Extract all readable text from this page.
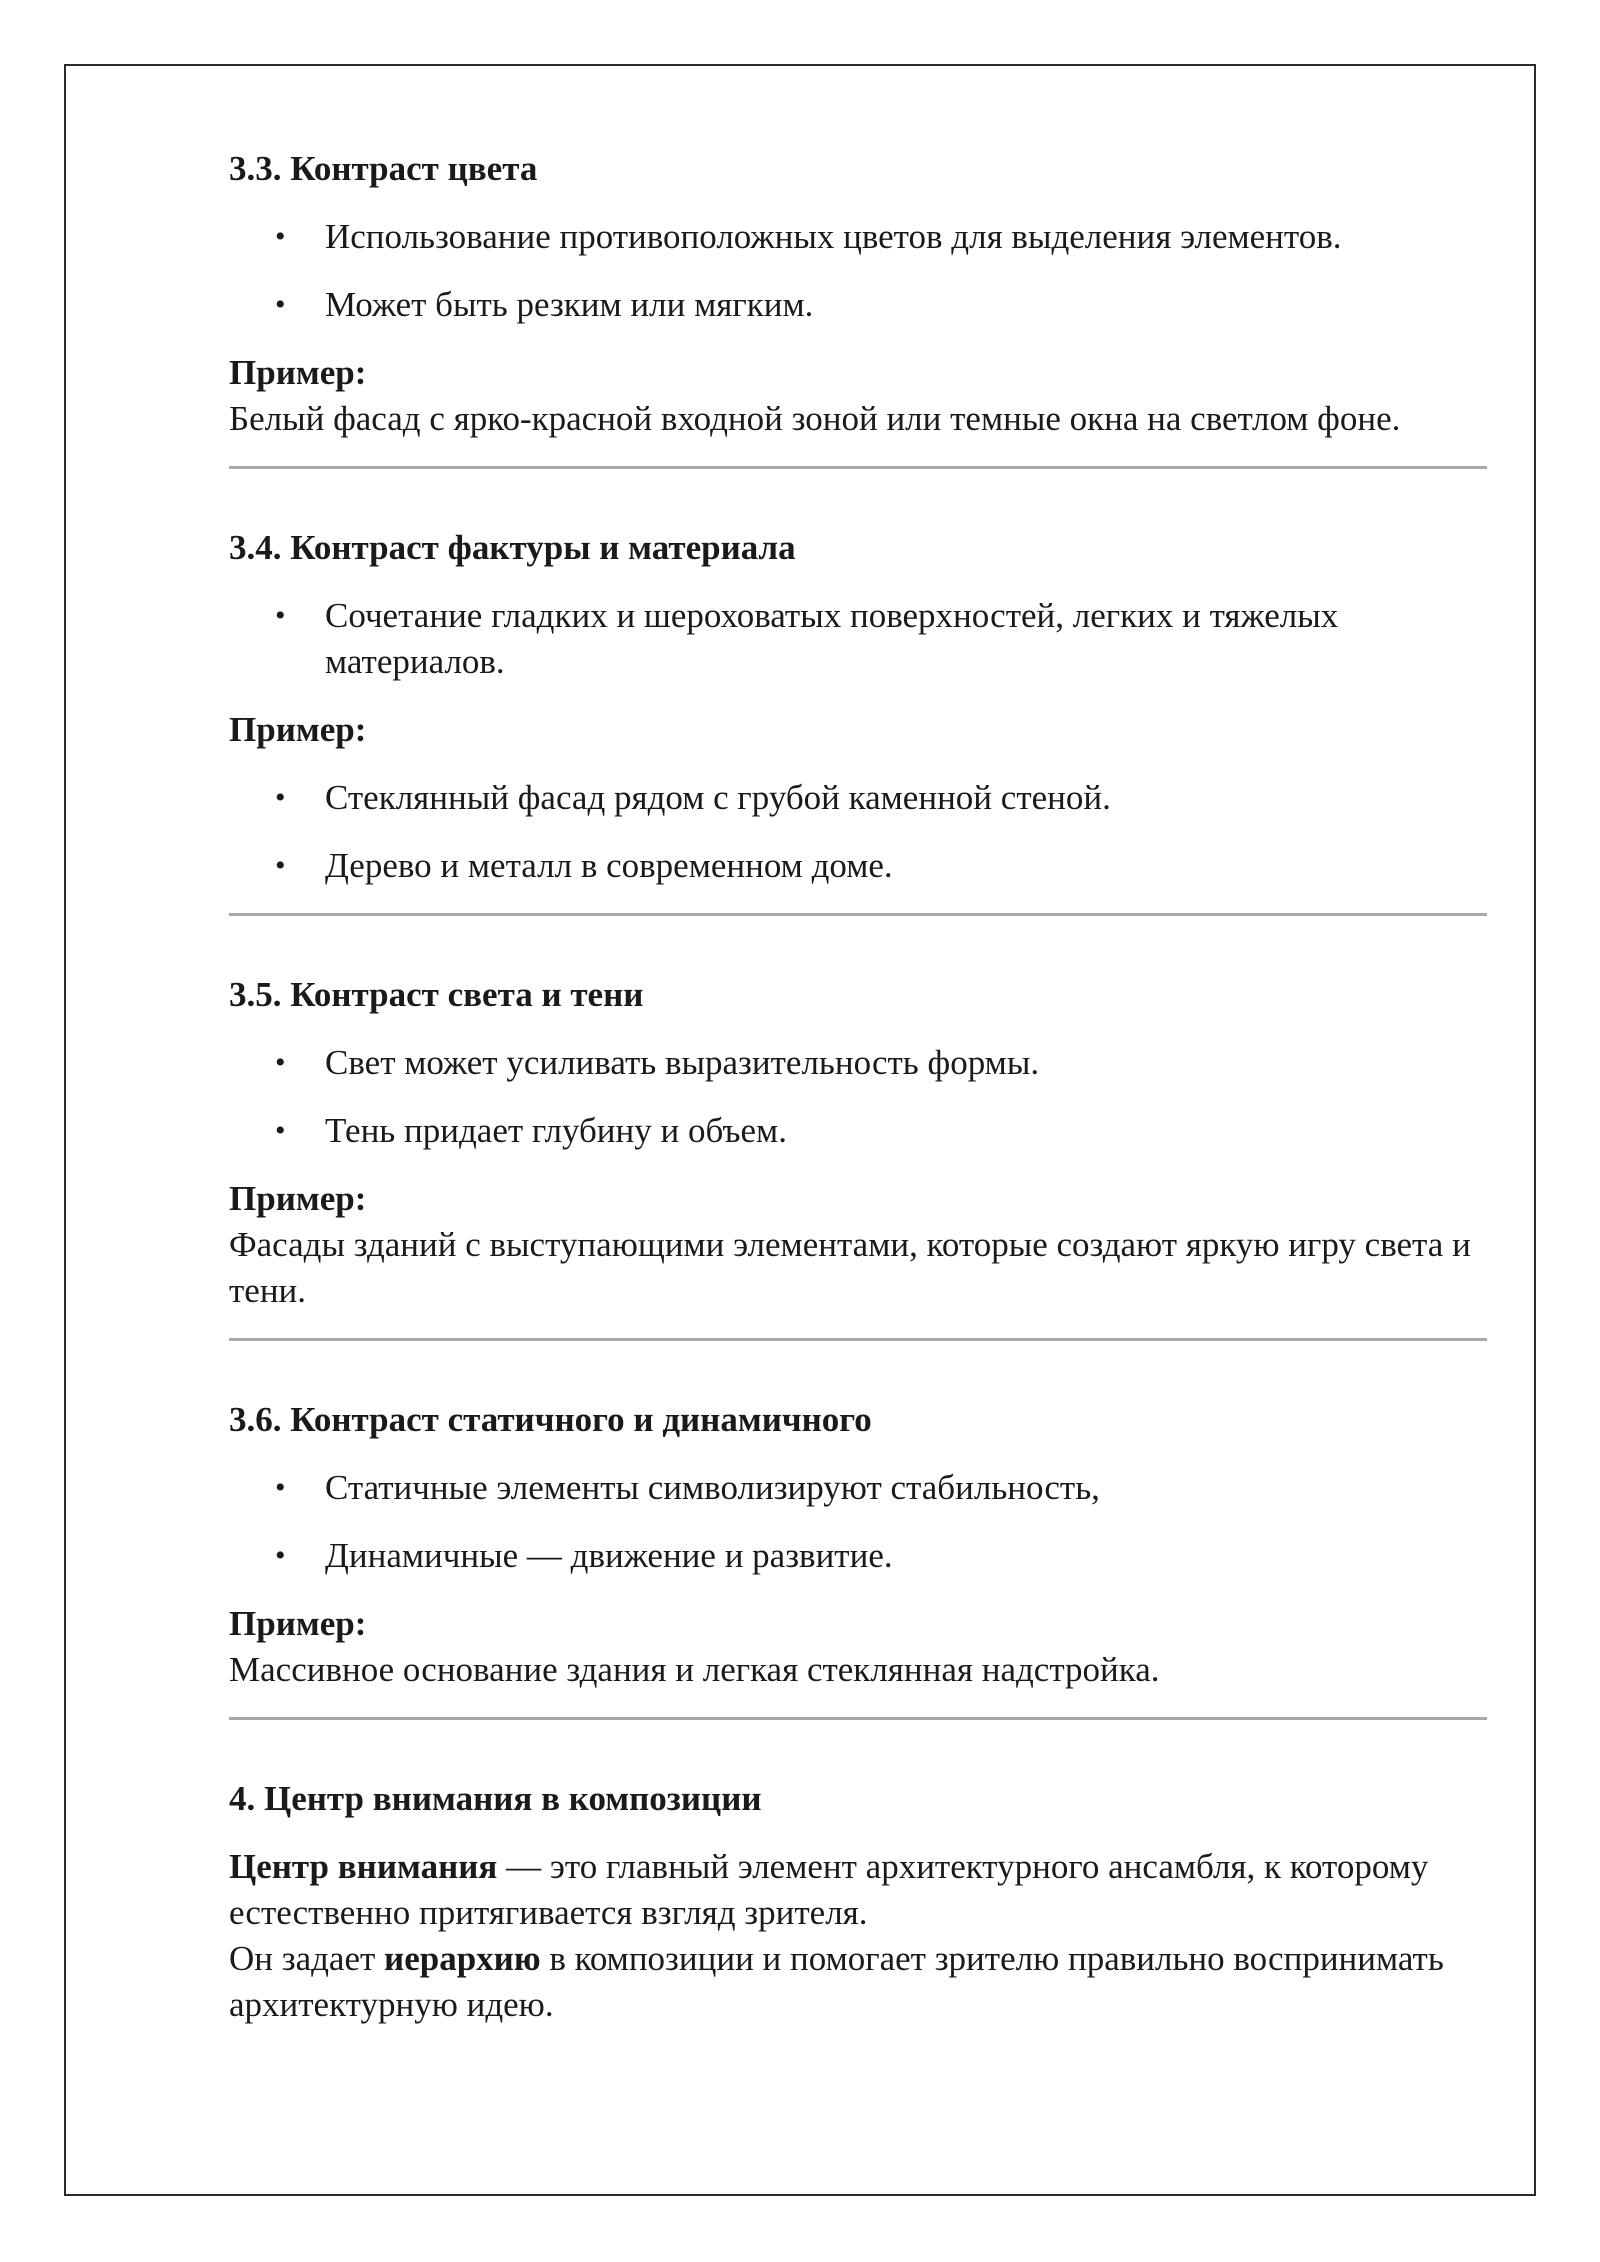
3.3. Контраст цвета
• Использование противоположных цветов для выделения элементов.
• Может быть резким или мягким.
Пример:
Белый фасад с ярко-красной входной зоной или темные окна на светлом фоне.
3.4. Контраст фактуры и материала
• Сочетание гладких и шероховатых поверхностей, легких и тяжелых материалов.
Пример:
• Стеклянный фасад рядом с грубой каменной стеной.
• Дерево и металл в современном доме.
3.5. Контраст света и тени
• Свет может усиливать выразительность формы.
• Тень придает глубину и объем.
Пример:
Фасады зданий с выступающими элементами, которые создают яркую игру света и тени.
3.6. Контраст статичного и динамичного
• Статичные элементы символизируют стабильность,
• Динамичные — движение и развитие.
Пример:
Массивное основание здания и легкая стеклянная надстройка.
4. Центр внимания в композиции
Центр внимания — это главный элемент архитектурного ансамбля, к которому естественно притягивается взгляд зрителя.
Он задает иерархию в композиции и помогает зрителю правильно воспринимать архитектурную идею.
